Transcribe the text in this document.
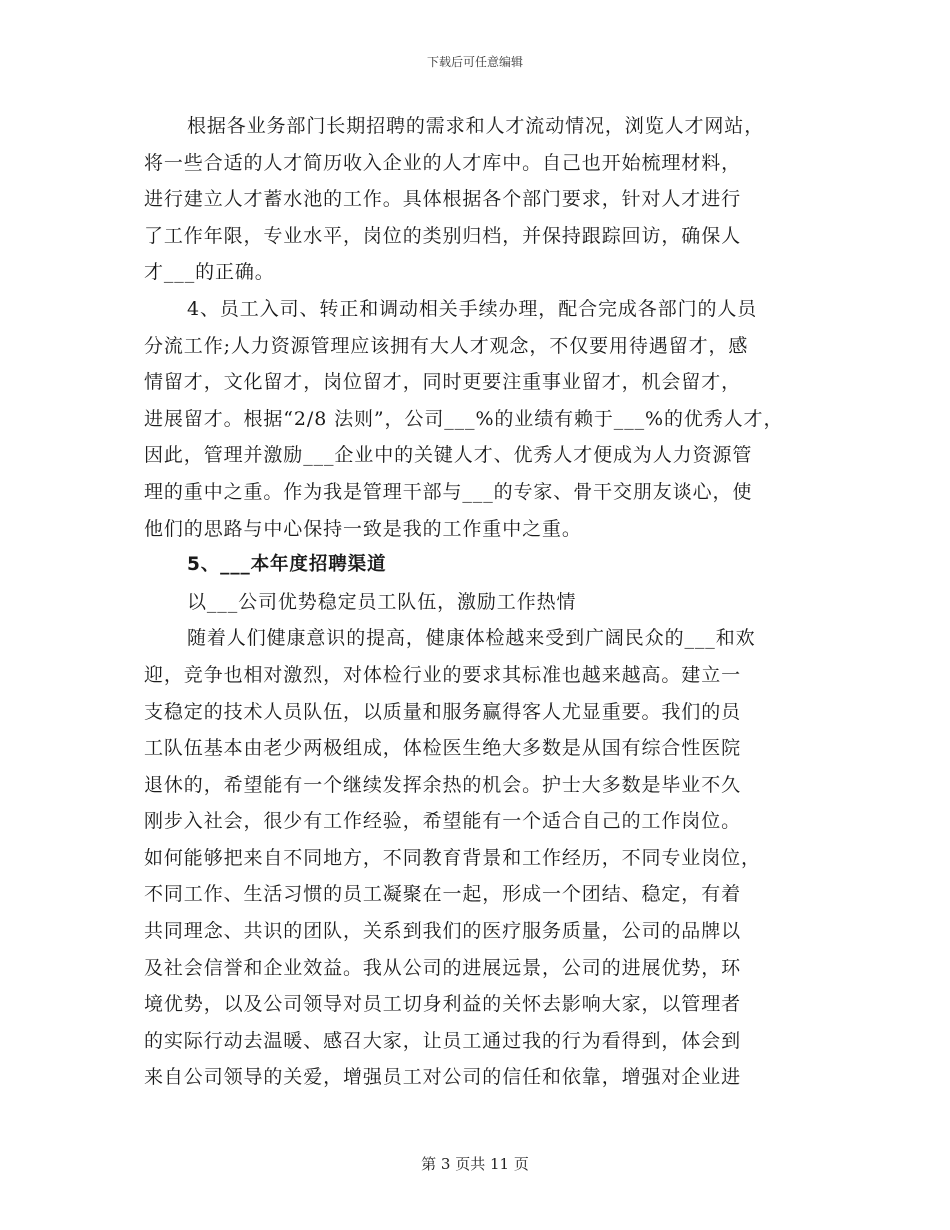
下载后可任意编辑
根据各业务部门长期招聘的需求和人才流动情况，浏览人才网站，
将一些合适的人才简历收入企业的人才库中。自己也开始梳理材料，
进行建立人才蓄水池的工作。具体根据各个部门要求，针对人才进行
了工作年限，专业水平，岗位的类别归档，并保持跟踪回访，确保人
才___的正确。
4、员工入司、转正和调动相关手续办理，配合完成各部门的人员
分流工作;人力资源管理应该拥有大人才观念，不仅要用待遇留才，感
情留才，文化留才，岗位留才，同时更要注重事业留才，机会留才，
进展留才。根据“2/8 法则”，公司___%的业绩有赖于___%的优秀人才，
因此，管理并激励___企业中的关键人才、优秀人才便成为人力资源管
理的重中之重。作为我是管理干部与___的专家、骨干交朋友谈心，使
他们的思路与中心保持一致是我的工作重中之重。
5、___本年度招聘渠道
以___公司优势稳定员工队伍，激励工作热情
随着人们健康意识的提高，健康体检越来受到广阔民众的___和欢
迎，竞争也相对激烈，对体检行业的要求其标准也越来越高。建立一
支稳定的技术人员队伍，以质量和服务赢得客人尤显重要。我们的员
工队伍基本由老少两极组成，体检医生绝大多数是从国有综合性医院
退休的，希望能有一个继续发挥余热的机会。护士大多数是毕业不久
刚步入社会，很少有工作经验，希望能有一个适合自己的工作岗位。
如何能够把来自不同地方，不同教育背景和工作经历，不同专业岗位，
不同工作、生活习惯的员工凝聚在一起，形成一个团结、稳定，有着
共同理念、共识的团队，关系到我们的医疗服务质量，公司的品牌以
及社会信誉和企业效益。我从公司的进展远景，公司的进展优势，环
境优势，以及公司领导对员工切身利益的关怀去影响大家，以管理者
的实际行动去温暖、感召大家，让员工通过我的行为看得到，体会到
来自公司领导的关爱，增强员工对公司的信任和依靠，增强对企业进
第 3 页共 11 页
